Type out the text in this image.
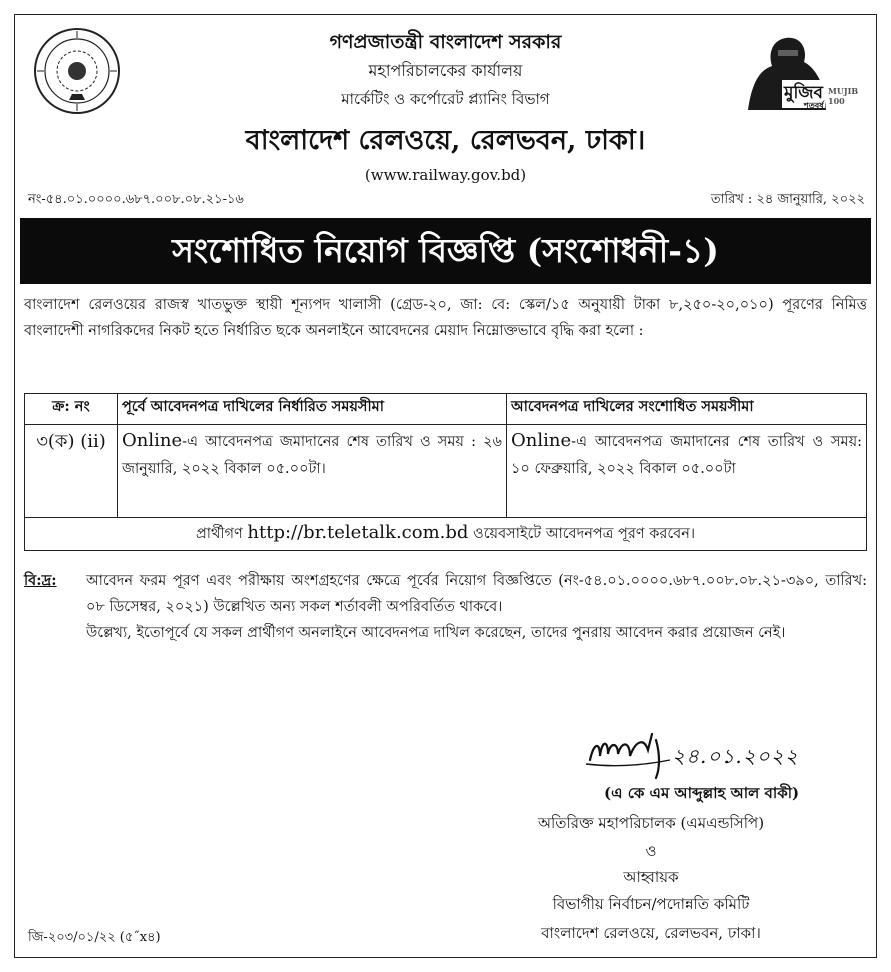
মুজিব
শতবর্ষ
MUJIB 100
গণপ্রজাতন্ত্রী বাংলাদেশ সরকার
মহাপরিচালকের কার্যালয়
মার্কেটিং ও কর্পোরেট প্ল্যানিং বিভাগ
বাংলাদেশ রেলওয়ে, রেলভবন, ঢাকা।
(www.railway.gov.bd)
নং-৫৪.০১.০০০০.৬৮৭.০০৮.০৮.২১-১৬	তারিখ : ২৪ জানুয়ারি, ২০২২
সংশোধিত নিয়োগ বিজ্ঞপ্তি (সংশোধনী-১)
বাংলাদেশ রেলওয়ের রাজস্ব খাতভুক্ত স্থায়ী শূন্যপদ খালাসী (গ্রেড-২০, জা: বে: স্কেল/১৫ অনুযায়ী টাকা ৮,২৫০-২০,০১০) পূরণের নিমিত্ত বাংলাদেশী নাগরিকদের নিকট হতে নির্ধারিত ছকে অনলাইনে আবেদনের মেয়াদ নিম্নোক্তভাবে বৃদ্ধি করা হলো :
ক্র: নং	পূর্বে আবেদনপত্র দাখিলের নির্ধারিত সময়সীমা	আবেদনপত্র দাখিলের সংশোধিত সময়সীমা
৩(ক) (ii)	Online-এ আবেদনপত্র জমাদানের শেষ তারিখ ও সময় : ২৬ জানুয়ারি, ২০২২ বিকাল ০৫.০০টা।	Online-এ আবেদনপত্র জমাদানের শেষ তারিখ ও সময়: ১০ ফেব্রুয়ারি, ২০২২ বিকাল ০৫.০০টা
প্রার্থীগণ http://br.teletalk.com.bd ওয়েবসাইটে আবেদনপত্র পূরণ করবেন।		
বি:দ্র: আবেদন ফরম পূরণ এবং পরীক্ষায় অংশগ্রহণের ক্ষেত্রে পূর্বের নিয়োগ বিজ্ঞপ্তিতে (নং-৫৪.০১.০০০০.৬৮৭.০০৮.০৮.২১-৩৯০, তারিখ: ০৮ ডিসেম্বর, ২০২১) উল্লেখিত অন্য সকল শর্তাবলী অপরিবর্তিত থাকবে।
উল্লেখ্য, ইতোপূর্বে যে সকল প্রার্থীগণ অনলাইনে আবেদনপত্র দাখিল করেছেন, তাদের পুনরায় আবেদন করার প্রয়োজন নেই।
২৪.০১.২০২২
(এ কে এম আব্দুল্লাহ আল বাকী)
অতিরিক্ত মহাপরিচালক (এমএন্ডসিপি)
ও
আহ্বায়ক
বিভাগীয় নির্বাচন/পদোন্নতি কমিটি
বাংলাদেশ রেলওয়ে, রেলভবন, ঢাকা।
জি-২০৩/০১/২২ (৫˝x৪)
